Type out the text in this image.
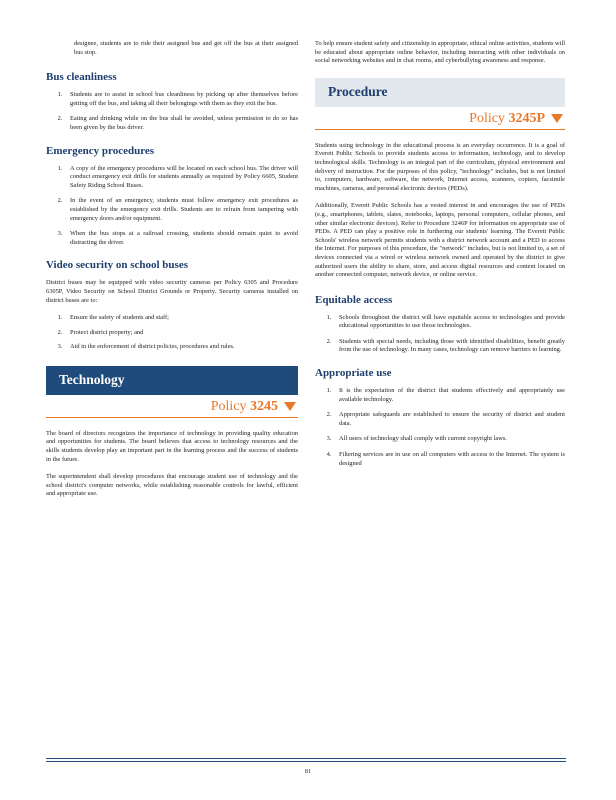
designee, students are to ride their assigned bus and get off the bus at their assigned bus stop.

Bus cleanliness
1. Students are to assist in school bus cleanliness by picking up after themselves before getting off the bus, and taking all their belongings with them as they exit the bus.
2. Eating and drinking while on the bus shall be avoided, unless permission to do so has been given by the bus driver.
Emergency procedures
1. A copy of the emergency procedures will be located on each school bus. The driver will conduct emergency exit drills for students annually as required by Policy 6605, Student Safety Riding School Buses.
2. In the event of an emergency, students must follow emergency exit procedures as established by the emergency exit drills. Students are to refrain from tampering with emergency doors and/or equipment.
3. When the bus stops at a railroad crossing, students should remain quiet to avoid distracting the driver.
Video security on school buses

District buses may be equipped with video security cameras per Policy 6305 and Procedure 6305P, Video Security on School District Grounds or Property. Security cameras installed on district buses are to:

1. Ensure the safety of students and staff;
2. Protect district property; and
3. Aid in the enforcement of district policies, procedures and rules.
Technology
Policy 3245

The board of directors recognizes the importance of technology in providing quality education and opportunities for students. The board believes that access to technology resources and the skills students develop play an important part in the learning process and the success of students in the future.

The superintendent shall develop procedures that encourage student use of technology and the school district's computer networks, while establishing reasonable controls for lawful, efficient and appropriate use.

To help ensure student safety and citizenship in appropriate, ethical online activities, students will be educated about appropriate online behavior, including interacting with other individuals on social networking websites and in chat rooms, and cyberbullying awareness and response.

Procedure
Policy 3245P

Students using technology in the educational process is an everyday occurrence. It is a goal of Everett Public Schools to provide students access to information, technology, and to develop technological skills. Technology is an integral part of the curriculum, physical environment and delivery of instruction. For the purposes of this policy, "technology" includes, but is not limited to, computers, hardware, software, the network, Internet access, scanners, copiers, facsimile machines, cameras, and personal electronic devices (PEDs).

Additionally, Everett Public Schools has a vested interest in and encourages the use of PEDs (e.g., smartphones, tablets, slates, notebooks, laptops, personal computers, cellular phones, and other similar electronic devices). Refer to Procedure 3246P for information on appropriate use of PEDs. A PED can play a positive role in furthering our students' learning. The Everett Public Schools' wireless network permits students with a district network account and a PED to access the Internet. For purposes of this procedure, the "network" includes, but is not limited to, a set of devices connected via a wired or wireless network owned and operated by the district to give authorized users the ability to share, store, and access digital resources and content located on another connected computer, network device, or online service.

Equitable access
1. Schools throughout the district will have equitable access to technologies and provide educational opportunities to use those technologies.
2. Students with special needs, including those with identified disabilities, benefit greatly from the use of technology. In many cases, technology can remove barriers to learning.
Appropriate use
1. It is the expectation of the district that students effectively and appropriately use available technology.
2. Appropriate safeguards are established to ensure the security of district and student data.
3. All users of technology shall comply with current copyright laws.
4. Filtering services are in use on all computers with access to the Internet. The system is designed
81
